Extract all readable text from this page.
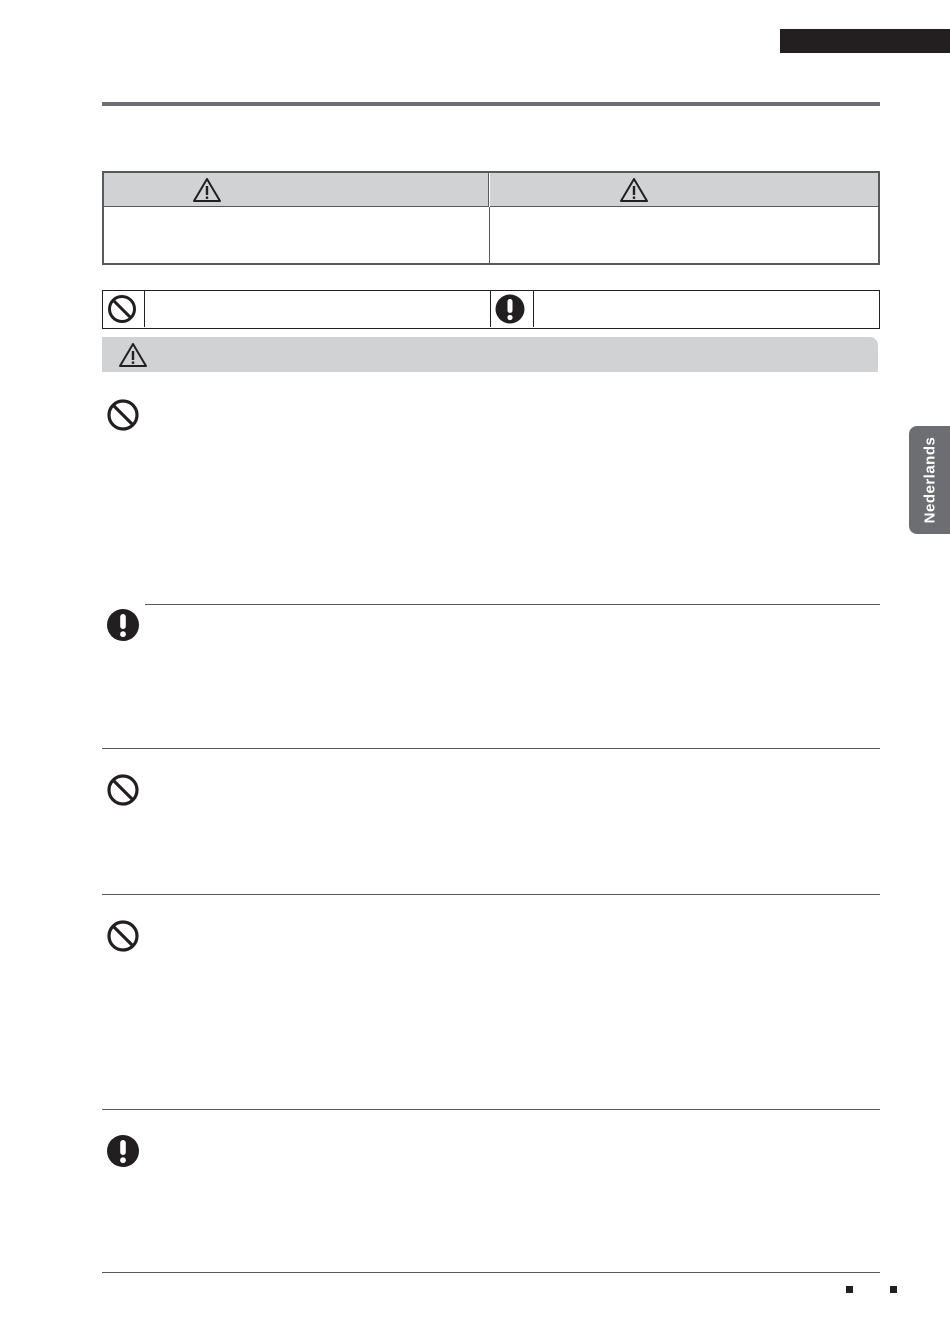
Nederlands
